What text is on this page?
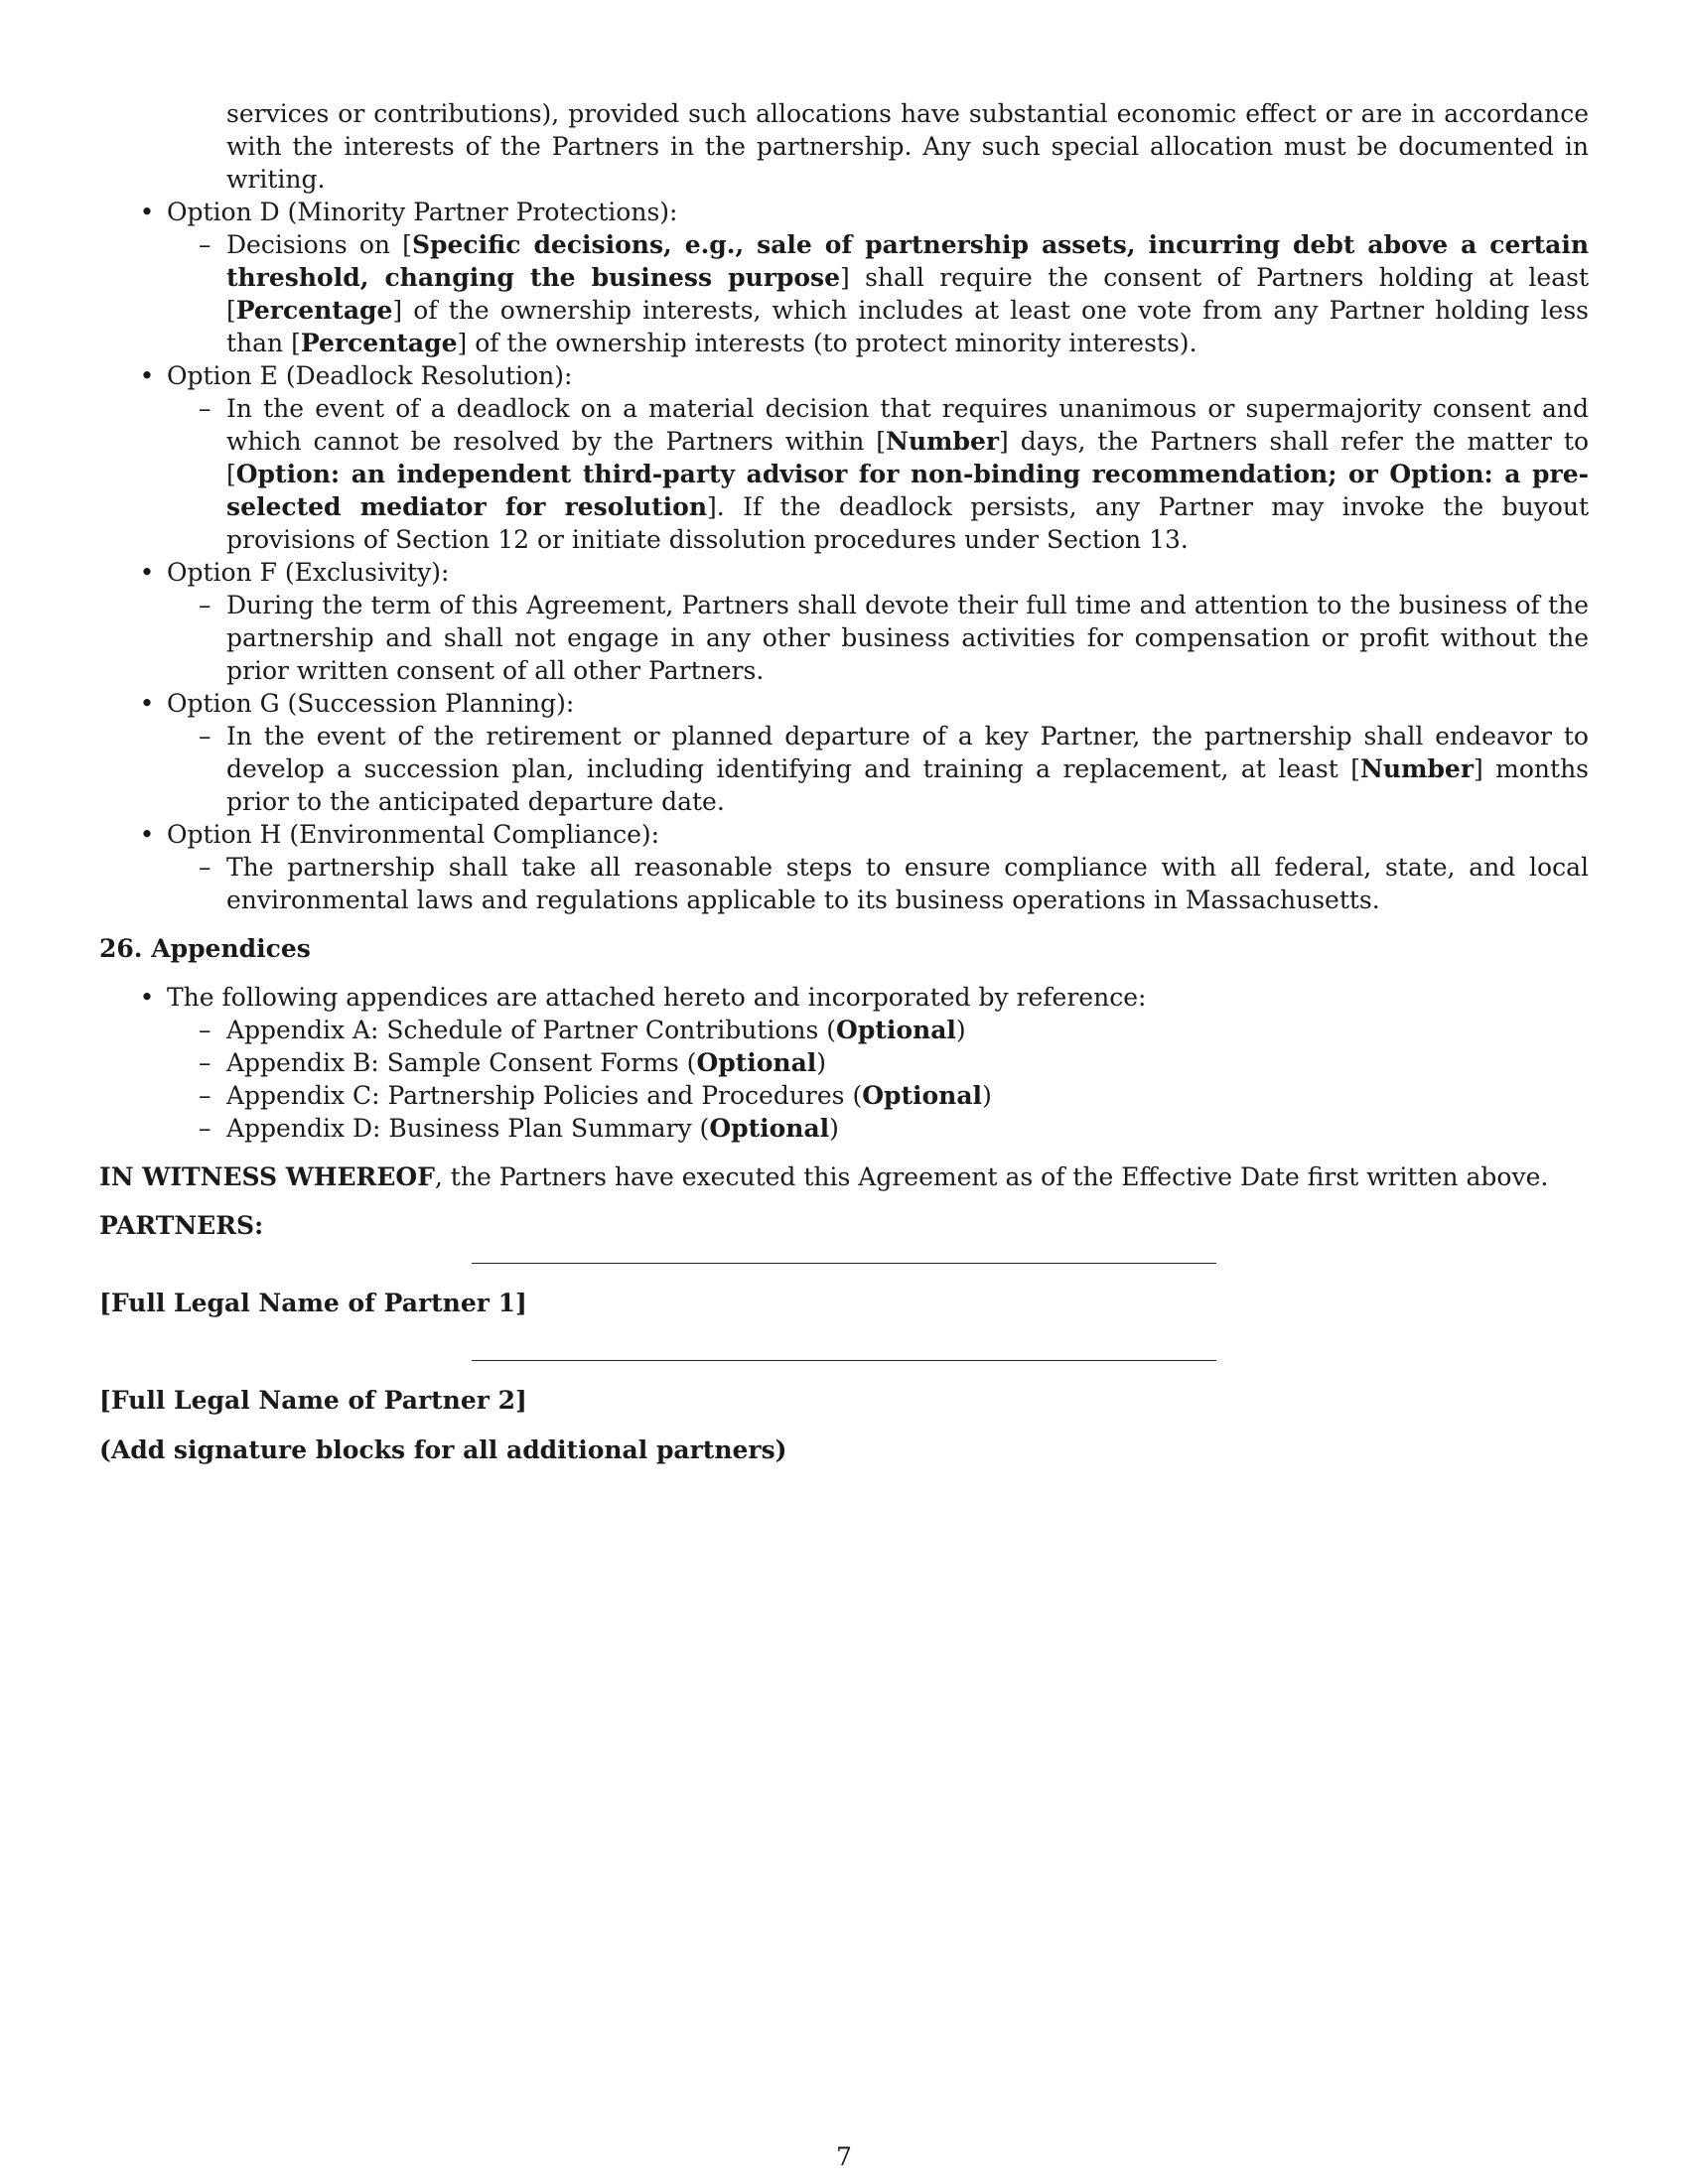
services or contributions), provided such allocations have substantial economic effect or are in accordance with the interests of the Partners in the partnership. Any such special allocation must be documented in writing.

• Option D (Minority Partner Protections):

– Decisions on [Specific decisions, e.g., sale of partnership assets, incurring debt above a certain threshold, changing the business purpose] shall require the consent of Partners holding at least [Percentage] of the ownership interests, which includes at least one vote from any Partner holding less than [Percentage] of the ownership interests (to protect minority interests).

• Option E (Deadlock Resolution):

– In the event of a deadlock on a material decision that requires unanimous or supermajority consent and which cannot be resolved by the Partners within [Number] days, the Partners shall refer the matter to [Option: an independent third-party advisor for non-binding recommendation; or Option: a pre-selected mediator for resolution]. If the deadlock persists, any Partner may invoke the buyout provisions of Section 12 or initiate dissolution procedures under Section 13.

• Option F (Exclusivity):

– During the term of this Agreement, Partners shall devote their full time and attention to the business of the partnership and shall not engage in any other business activities for compensation or profit without the prior written consent of all other Partners.

• Option G (Succession Planning):

– In the event of the retirement or planned departure of a key Partner, the partnership shall endeavor to develop a succession plan, including identifying and training a replacement, at least [Number] months prior to the anticipated departure date.

• Option H (Environmental Compliance):

– The partnership shall take all reasonable steps to ensure compliance with all federal, state, and local environmental laws and regulations applicable to its business operations in Massachusetts.

26. Appendices
• The following appendices are attached hereto and incorporated by reference:

– Appendix A: Schedule of Partner Contributions (Optional)

– Appendix B: Sample Consent Forms (Optional)

– Appendix C: Partnership Policies and Procedures (Optional)

– Appendix D: Business Plan Summary (Optional)

IN WITNESS WHEREOF, the Partners have executed this Agreement as of the Effective Date first written above.

PARTNERS:

[Full Legal Name of Partner 1]
[Full Legal Name of Partner 2]
(Add signature blocks for all additional partners)
7
